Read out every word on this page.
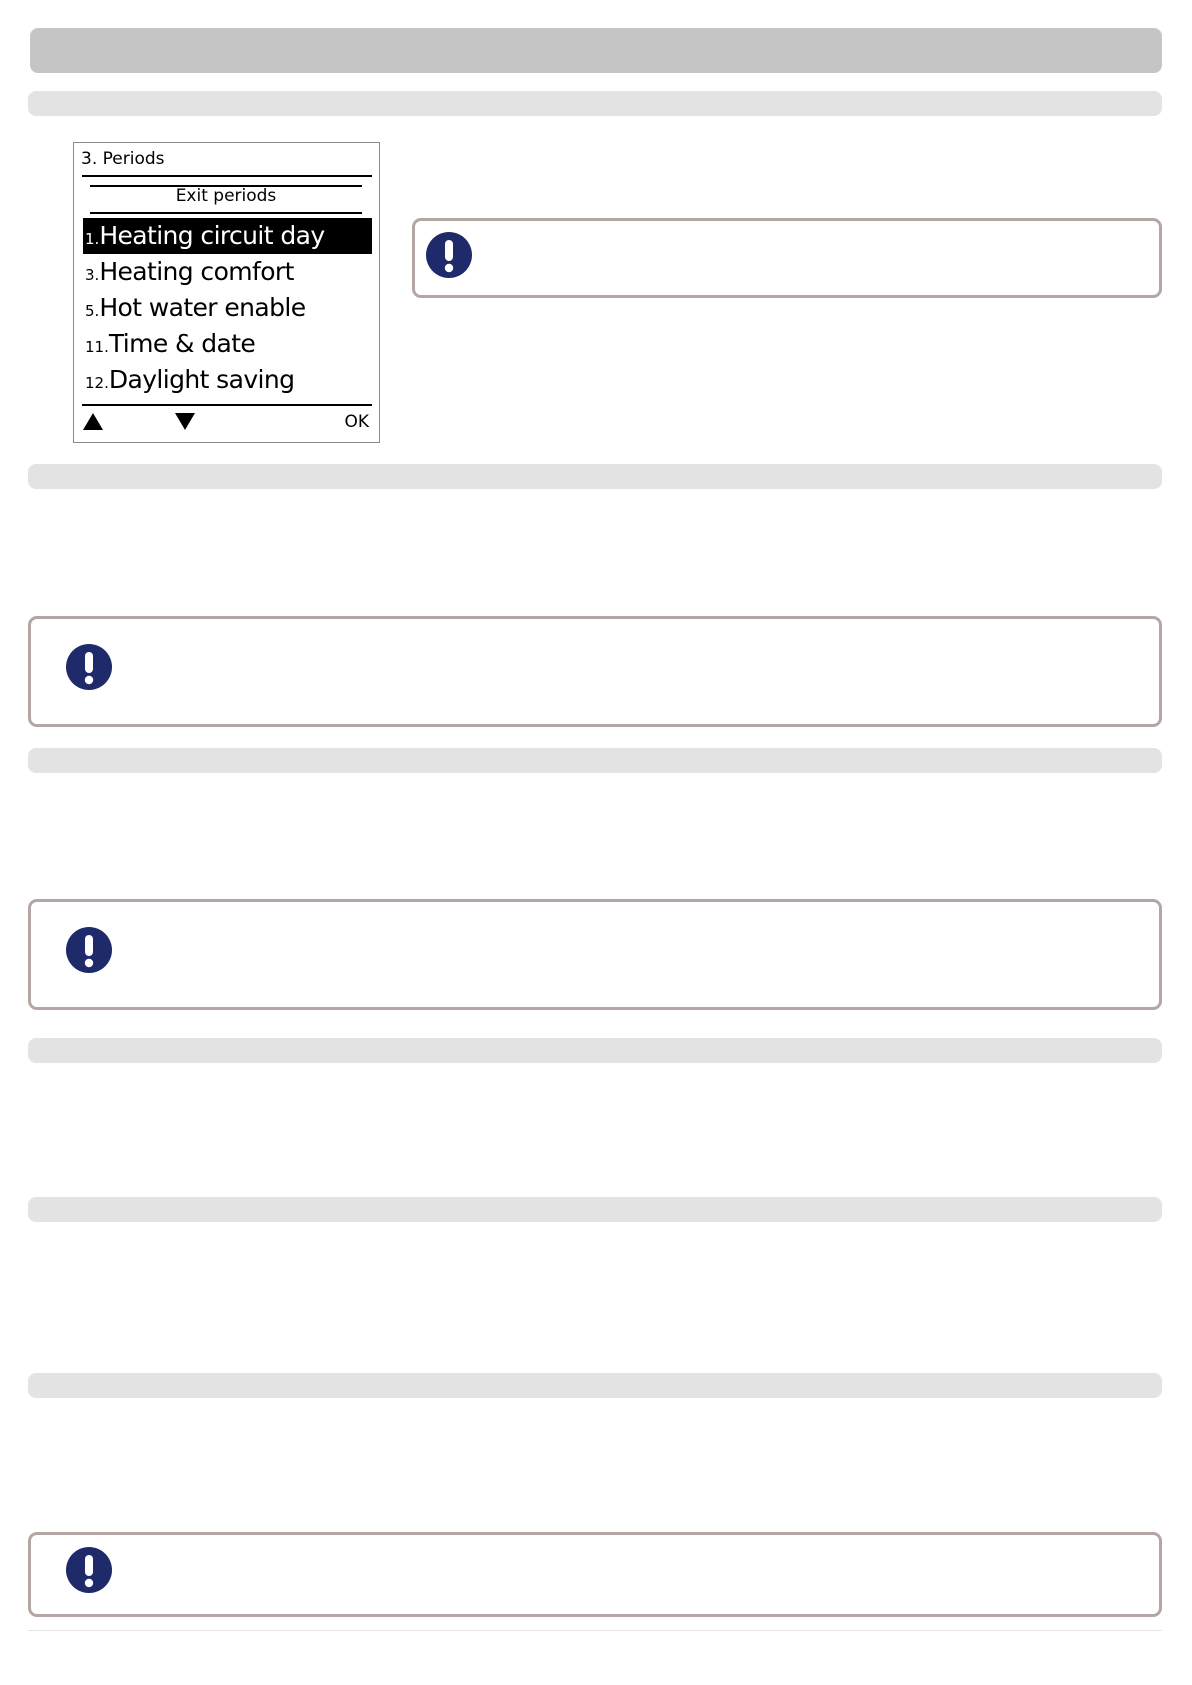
3. Periods
Exit periods
1.Heating circuit day
3.Heating comfort
5.Hot water enable
11.Time & date
12.Daylight saving
OK
